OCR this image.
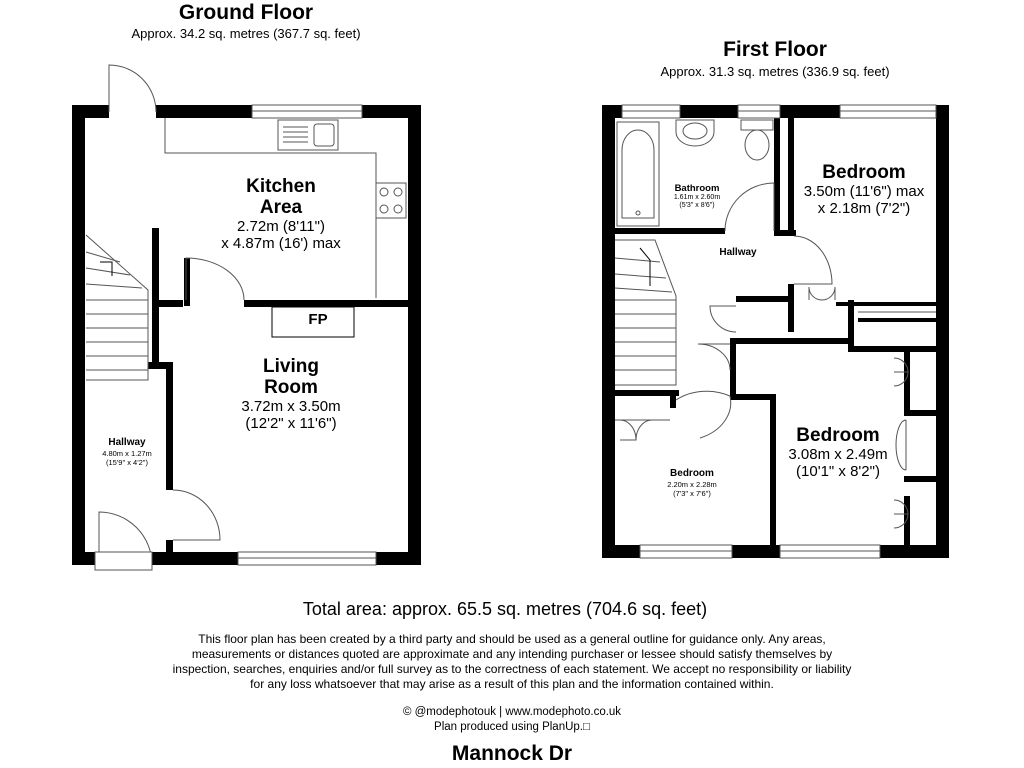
Ground Floor
Approx. 34.2 sq. metres (367.7 sq. feet)
First Floor
Approx. 31.3 sq. metres (336.9 sq. feet)
Kitchen
Area
2.72m (8'11")
x 4.87m (16') max
FP
Living
Room
3.72m x 3.50m
(12'2" x 11'6")
Hallway
4.80m x 1.27m
(15'9" x 4'2")
Bathroom
1.61m x 2.60m
(5'3" x 8'6")
Hallway
Bedroom
3.50m (11'6") max
x 2.18m (7'2")
Bedroom
3.08m x 2.49m
(10'1" x 8'2")
Bedroom
2.20m x 2.28m
(7'3" x 7'6")
Total area: approx. 65.5 sq. metres (704.6 sq. feet)
This floor plan has been created by a third party and should be used as a general outline for guidance only. Any areas,
measurements or distances quoted are approximate and any intending purchaser or lessee should satisfy themselves by
inspection, searches, enquiries and/or full survey as to the correctness of each statement. We accept no responsibility or liability
for any loss whatsoever that may arise as a result of this plan and the information contained within.
© @modephotouk | www.modephoto.co.uk
Plan produced using PlanUp.□
Mannock Dr
